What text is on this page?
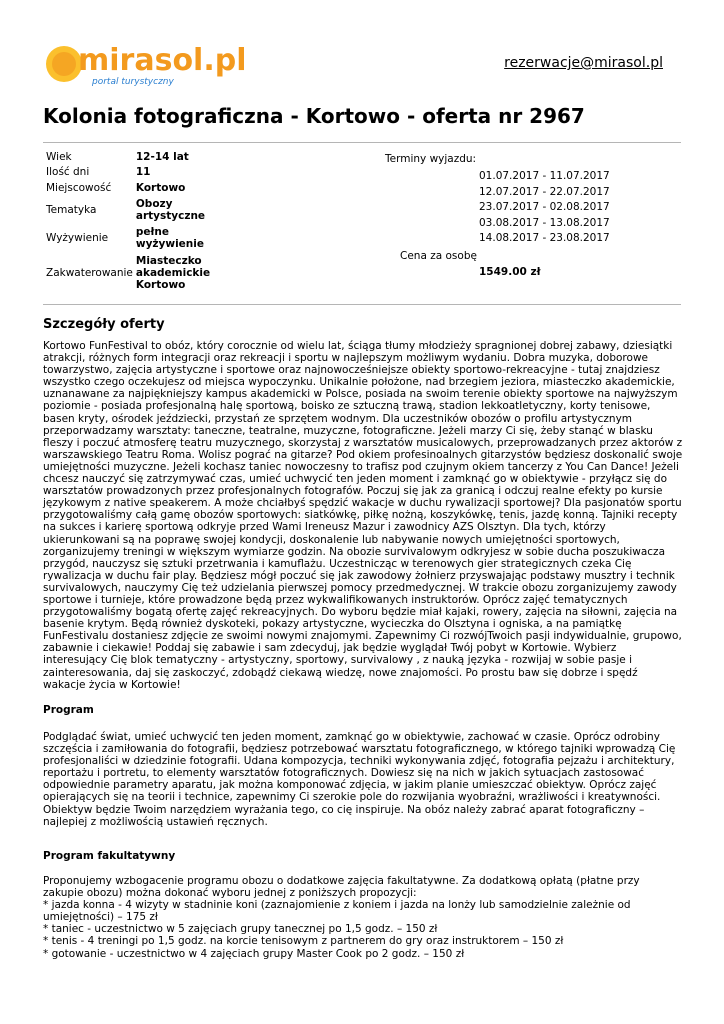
mirasol.pl
portal turystyczny
rezerwacje@mirasol.pl
Kolonia fotograficzna - Kortowo - oferta nr 2967
Wiek	12-14 lat
Ilość dni	11
Miejscowość	Kortowo
Tematyka	Obozy artystyczne
Wyżywienie	pełne wyżywienie
Zakwaterowanie	Miasteczko akademickie Kortowo
Terminy wyjazdu:
01.07.2017 - 11.07.2017
12.07.2017 - 22.07.2017
23.07.2017 - 02.08.2017
03.08.2017 - 13.08.2017
14.08.2017 - 23.08.2017
Cena za osobę
1549.00 zł
Szczegóły oferty

Kortowo FunFestival to obóz, który corocznie od wielu lat, ściąga tłumy młodzieży spragnionej dobrej zabawy, dziesiątki atrakcji, różnych form integracji oraz rekreacji i sportu w najlepszym możliwym wydaniu. Dobra muzyka, doborowe towarzystwo, zajęcia artystyczne i sportowe oraz najnowocześniejsze obiekty sportowo-rekreacyjne - tutaj znajdziesz wszystko czego oczekujesz od miejsca wypoczynku. Unikalnie położone, nad brzegiem jeziora, miasteczko akademickie, uznanawane za najpiękniejszy kampus akademicki w Polsce, posiada na swoim terenie obiekty sportowe na najwyższym poziomie - posiada profesjonalną halę sportową, boisko ze sztuczną trawą, stadion lekkoatletyczny, korty tenisowe, basen kryty, ośrodek jeździecki, przystań ze sprzętem wodnym. Dla uczestników obozów o profilu artystycznym przeporwadzamy warsztaty: taneczne, teatralne, muzyczne, fotograficzne. Jeżeli marzy Ci się, żeby stanąć w blasku fleszy i poczuć atmosferę teatru muzycznego, skorzystaj z warsztatów musicalowych, przeprowadzanych przez aktorów z warszawskiego Teatru Roma. Wolisz pograć na gitarze? Pod okiem profesinoalnych gitarzystów będziesz doskonalić swoje umiejętności muzyczne. Jeżeli kochasz taniec nowoczesny to trafisz pod czujnym okiem tancerzy z You Can Dance! Jeżeli chcesz nauczyć się zatrzymywać czas, umieć uchwycić ten jeden moment i zamknąć go w obiektywie - przyłącz się do warsztatów prowadzonych przez profesjonalnych fotografów. Poczuj się jak za granicą i odczuj realne efekty po kursie językowym z native speakerem. A może chciałbyś spędzić wakacje w duchu rywalizacji sportowej? Dla pasjonatów sportu przygotowaliśmy całą gamę obozów sportowych: siatkówkę, piłkę nożną, koszykówkę, tenis, jazdę konną. Tajniki recepty na sukces i karierę sportową odkryje przed Wami Ireneusz Mazur i zawodnicy AZS Olsztyn. Dla tych, którzy ukierunkowani są na poprawę swojej kondycji, doskonalenie lub nabywanie nowych umiejętności sportowych, zorganizujemy treningi w większym wymiarze godzin. Na obozie survivalowym odkryjesz w sobie ducha poszukiwacza przygód, nauczysz się sztuki przetrwania i kamuflażu. Uczestnicząc w terenowych gier strategicznych czeka Cię rywalizacja w duchu fair play. Będziesz mógł poczuć się jak zawodowy żołnierz przyswajając podstawy musztry i technik survivalowych, nauczymy Cię też udzielania pierwszej pomocy przedmedycznej. W trakcie obozu zorganizujemy zawody sportowe i turnieje, które prowadzone będą przez wykwalifikowanych instruktorów. Oprócz zajęć tematycznych przygotowaliśmy bogatą ofertę zajęć rekreacyjnych. Do wyboru będzie miał kajaki, rowery, zajęcia na siłowni, zajęcia na basenie krytym. Będą również dyskoteki, pokazy artystyczne, wycieczka do Olsztyna i ogniska, a na pamiątkę FunFestivalu dostaniesz zdjęcie ze swoimi nowymi znajomymi. Zapewnimy Ci rozwójTwoich pasji indywidualnie, grupowo, zabawnie i ciekawie! Poddaj się zabawie i sam zdecyduj, jak będzie wyglądał Twój pobyt w Kortowie. Wybierz interesujący Cię blok tematyczny - artystyczny, sportowy, survivalowy , z nauką języka - rozwijaj w sobie pasje i zainteresowania, daj się zaskoczyć, zdobądź ciekawą wiedzę, nowe znajomości. Po prostu baw się dobrze i spędź wakacje życia w Kortowie!

Program

Podglądać świat, umieć uchwycić ten jeden moment, zamknąć go w obiektywie, zachować w czasie. Oprócz odrobiny szczęścia i zamiłowania do fotografii, będziesz potrzebować warsztatu fotograficznego, w którego tajniki wprowadzą Cię profesjonaliści w dziedzinie fotografii. Udana kompozycja, techniki wykonywania zdjęć, fotografia pejzażu i architektury, reportażu i portretu, to elementy warsztatów fotograficznych. Dowiesz się na nich w jakich sytuacjach zastosować odpowiednie parametry aparatu, jak można komponować zdjęcia, w jakim planie umieszczać obiektyw. Oprócz zajęć opierających się na teorii i technice, zapewnimy Ci szerokie pole do rozwijania wyobraźni, wrażliwości i kreatywności. Obiektyw będzie Twoim narzędziem wyrażania tego, co cię inspiruje. Na obóz należy zabrać aparat fotograficzny – najlepiej z możliwością ustawień ręcznych.

Program fakultatywny
Proponujemy wzbogacenie programu obozu o dodatkowe zajęcia fakultatywne. Za dodatkową opłatą (płatne przy zakupie obozu) można dokonać wyboru jednej z poniższych propozycji:
* jazda konna - 4 wizyty w stadninie koni (zaznajomienie z koniem i jazda na lonży lub samodzielnie zależnie od umiejętności) – 175 zł
* taniec - uczestnictwo w 5 zajęciach grupy tanecznej po 1,5 godz. – 150 zł
* tenis - 4 treningi po 1,5 godz. na korcie tenisowym z partnerem do gry oraz instruktorem – 150 zł
* gotowanie - uczestnictwo w 4 zajęciach grupy Master Cook po 2 godz. – 150 zł
